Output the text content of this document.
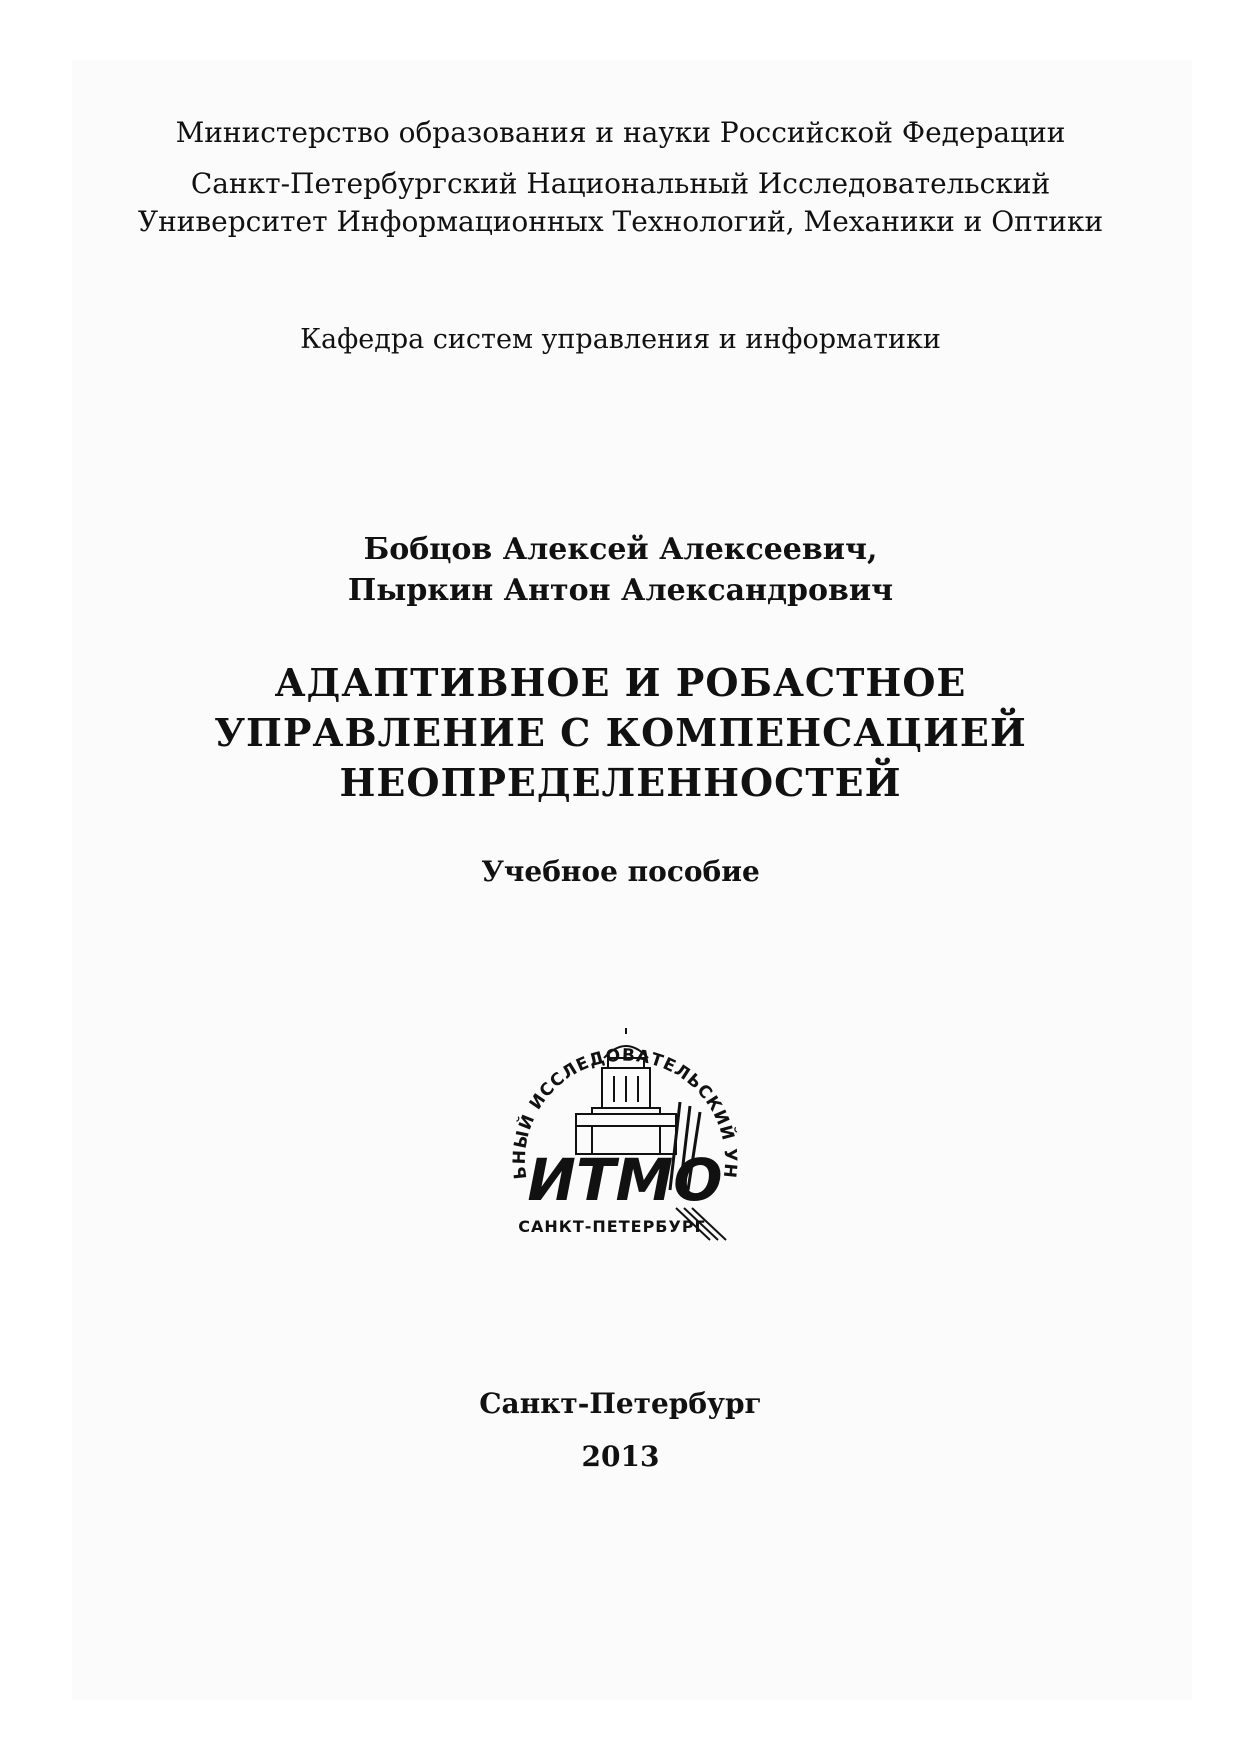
Министерство образования и науки Российской Федерации
Санкт-Петербургский Национальный Исследовательский
Университет Информационных Технологий, Механики и Оптики
Кафедра систем управления и информатики
Бобцов Алексей Алексеевич,
Пыркин Антон Александрович
АДАПТИВНОЕ И РОБАСТНОЕ
УПРАВЛЕНИЕ С КОМПЕНСАЦИЕЙ
НЕОПРЕДЕЛЕННОСТЕЙ
Учебное пособие
ЬНЫЙ ИССЛЕДОВАТЕЛЬСКИЙ УН
ИТМО
САНКТ-ПЕТЕРБУРГ
Санкт-Петербург
2013
